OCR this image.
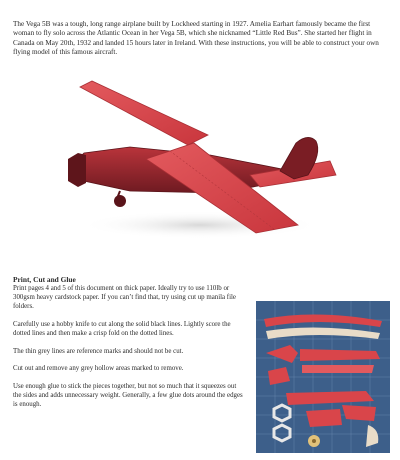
The Vega 5B was a tough, long range airplane built by Lockheed starting in 1927. Amelia Earhart famously became the first woman to fly solo across the Atlantic Ocean in her Vega 5B, which she nicknamed “Little Red Bus”. She started her flight in Canada on May 20th, 1932 and landed 15 hours later in Ireland. With these instructions, you will be able to construct your own flying model of this famous aircraft.

Print, Cut and Glue

Print pages 4 and 5 of this document on thick paper. Ideally try to use 110lb or 300gsm heavy cardstock paper. If you can’t find that, try using cut up manila file folders.

Carefully use a hobby knife to cut along the solid black lines. Lightly score the dotted lines and then make a crisp fold on the dotted lines.

The thin grey lines are reference marks and should not be cut.

Cut out and remove any grey hollow areas marked to remove.

Use enough glue to stick the pieces together, but not so much that it squeezes out the sides and adds unnecessary weight. Generally, a few glue dots around the edges is enough.
